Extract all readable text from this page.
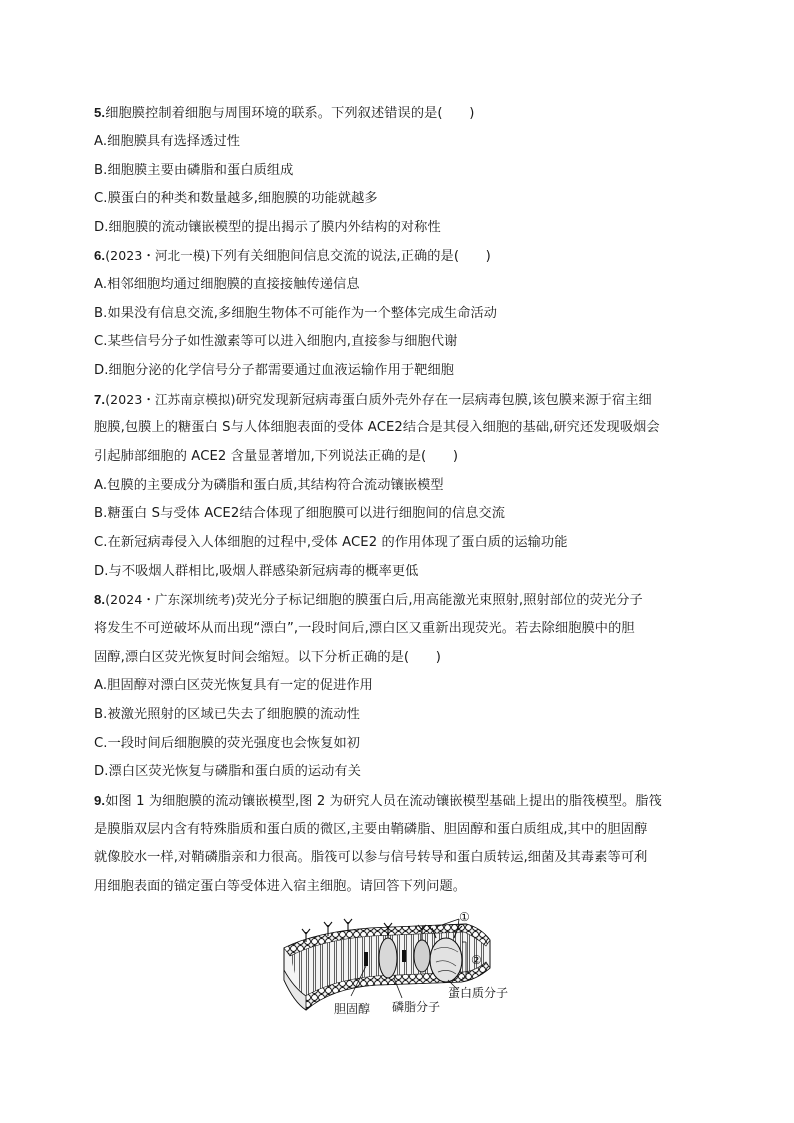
5.细胞膜控制着细胞与周围环境的联系。下列叙述错误的是(　　)
A.细胞膜具有选择透过性
B.细胞膜主要由磷脂和蛋白质组成
C.膜蛋白的种类和数量越多,细胞膜的功能就越多
D.细胞膜的流动镶嵌模型的提出揭示了膜内外结构的对称性
6.(2023・河北一模)下列有关细胞间信息交流的说法,正确的是(　　)
A.相邻细胞均通过细胞膜的直接接触传递信息
B.如果没有信息交流,多细胞生物体不可能作为一个整体完成生命活动
C.某些信号分子如性激素等可以进入细胞内,直接参与细胞代谢
D.细胞分泌的化学信号分子都需要通过血液运输作用于靶细胞
7.(2023・江苏南京模拟)研究发现新冠病毒蛋白质外壳外存在一层病毒包膜,该包膜来源于宿主细
胞膜,包膜上的糖蛋白 S与人体细胞表面的受体 ACE2结合是其侵入细胞的基础,研究还发现吸烟会
引起肺部细胞的 ACE2 含量显著增加,下列说法正确的是(　　)
A.包膜的主要成分为磷脂和蛋白质,其结构符合流动镶嵌模型
B.糖蛋白 S与受体 ACE2结合体现了细胞膜可以进行细胞间的信息交流
C.在新冠病毒侵入人体细胞的过程中,受体 ACE2 的作用体现了蛋白质的运输功能
D.与不吸烟人群相比,吸烟人群感染新冠病毒的概率更低
8.(2024・广东深圳统考)荧光分子标记细胞的膜蛋白后,用高能激光束照射,照射部位的荧光分子
将发生不可逆破坏从而出现“漂白”,一段时间后,漂白区又重新出现荧光。若去除细胞膜中的胆
固醇,漂白区荧光恢复时间会缩短。以下分析正确的是(　　)
A.胆固醇对漂白区荧光恢复具有一定的促进作用
B.被激光照射的区域已失去了细胞膜的流动性
C.一段时间后细胞膜的荧光强度也会恢复如初
D.漂白区荧光恢复与磷脂和蛋白质的运动有关
9.如图 1 为细胞膜的流动镶嵌模型,图 2 为研究人员在流动镶嵌模型基础上提出的脂筏模型。脂筏
是膜脂双层内含有特殊脂质和蛋白质的微区,主要由鞘磷脂、胆固醇和蛋白质组成,其中的胆固醇
就像胶水一样,对鞘磷脂亲和力很高。脂筏可以参与信号转导和蛋白质转运,细菌及其毒素等可利
用细胞表面的锚定蛋白等受体进入宿主细胞。请回答下列问题。
①
②
蛋白质分子
胆固醇 磷脂分子
